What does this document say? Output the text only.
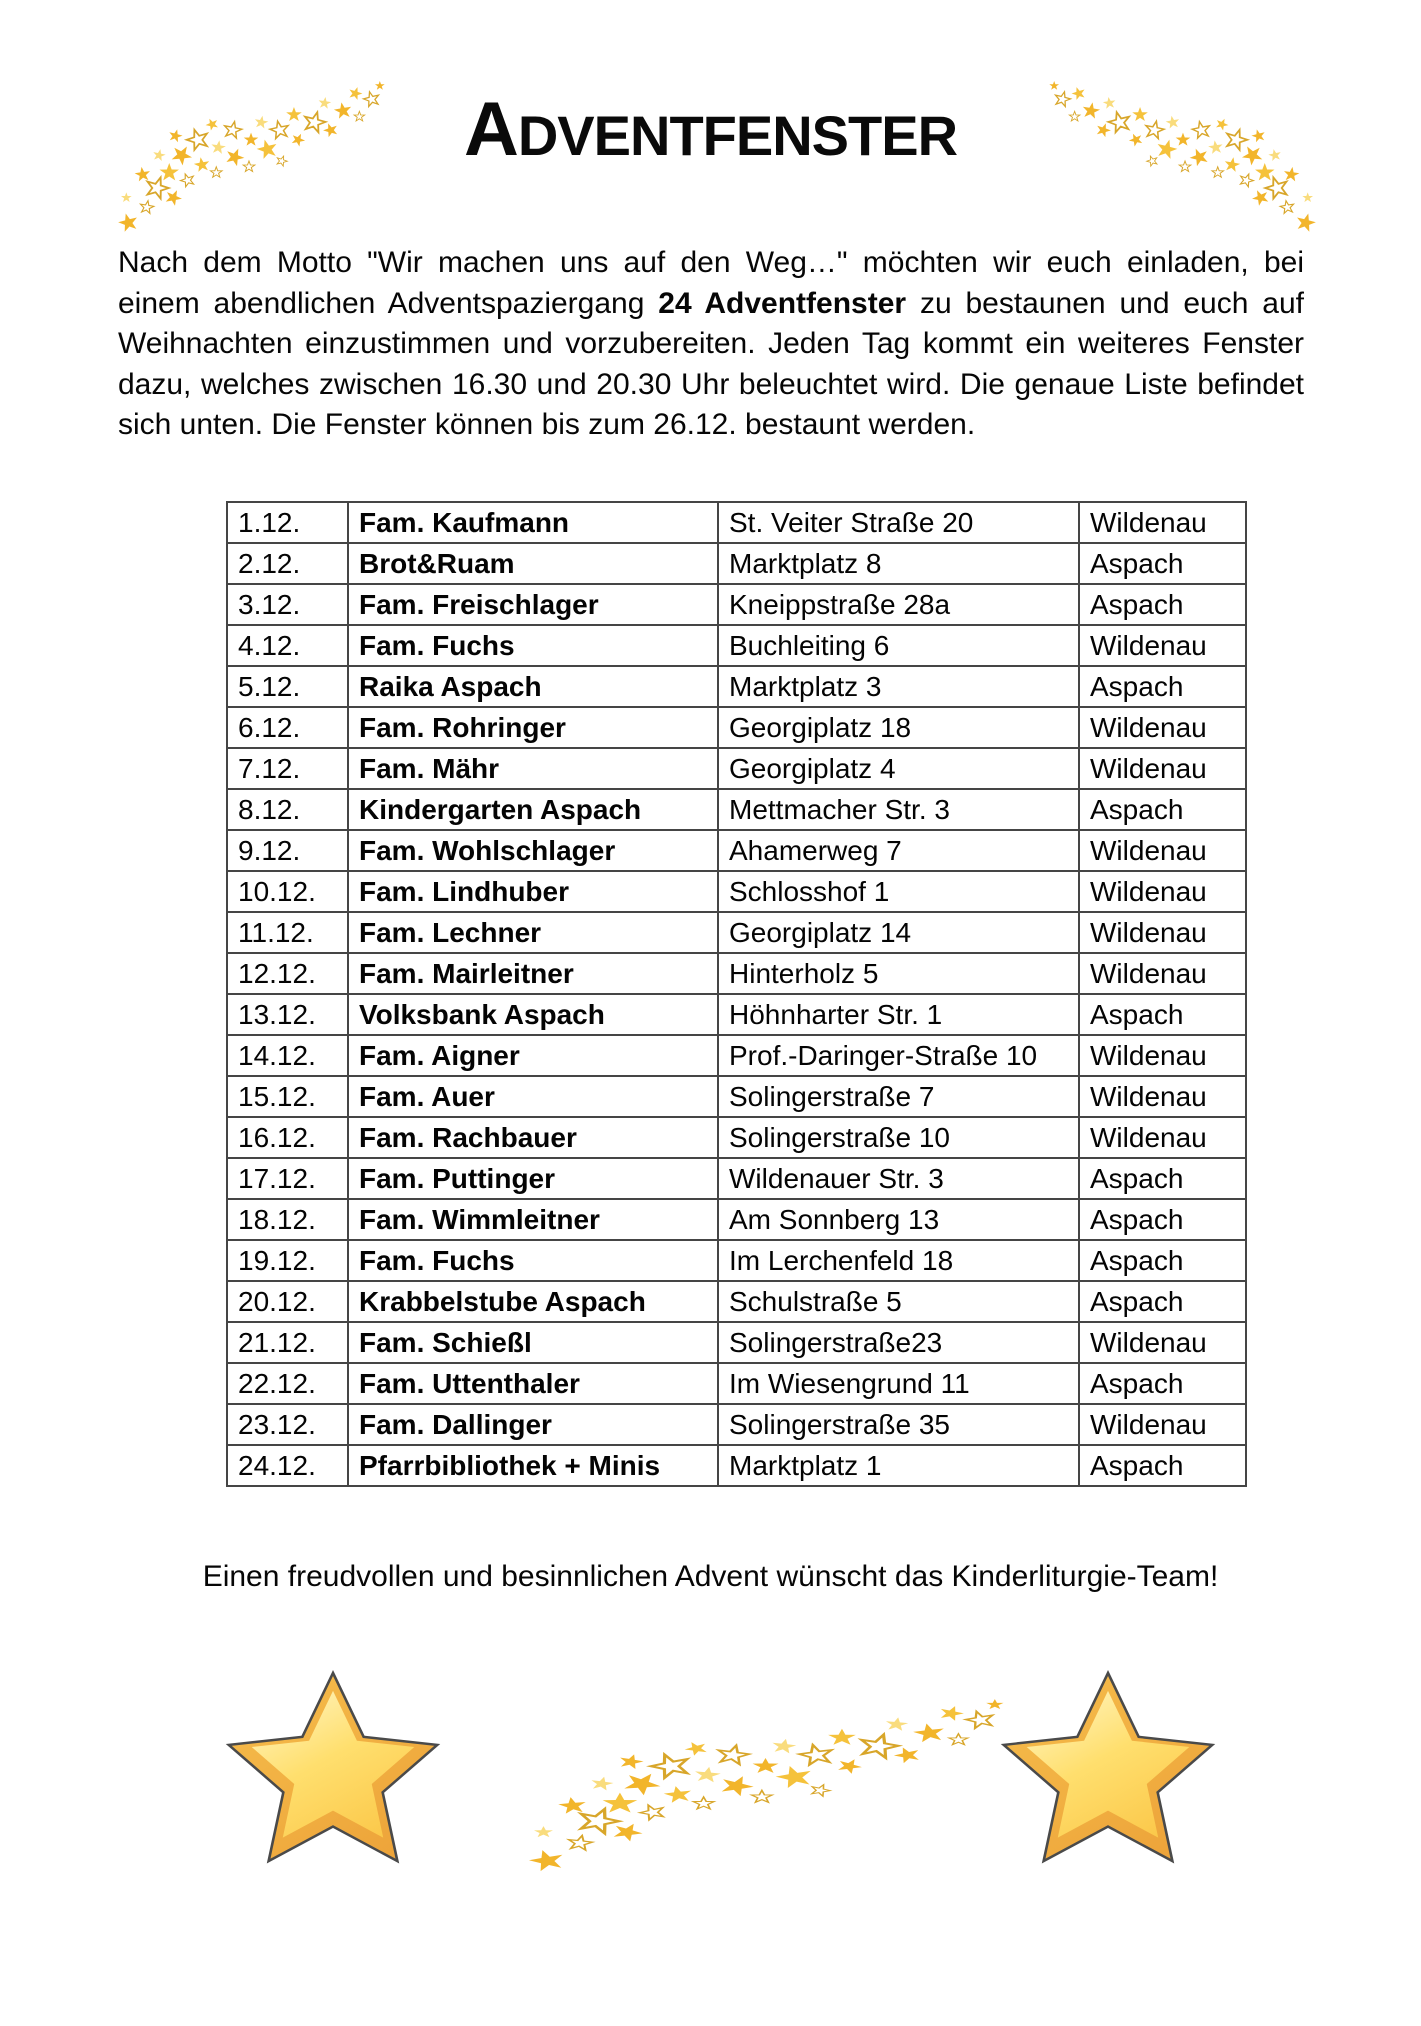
ADVENTFENSTER

Nach dem Motto "Wir machen uns auf den Weg…" möchten wir euch einladen, bei einem abendlichen Adventspaziergang 24 Adventfenster zu bestaunen und euch auf Weihnachten einzustimmen und vorzubereiten. Jeden Tag kommt ein weiteres Fenster dazu, welches zwischen 16.30 und 20.30 Uhr beleuchtet wird. Die genaue Liste befindet sich unten. Die Fenster können bis zum 26.12. bestaunt werden.

1.12.	Fam. Kaufmann	St. Veiter Straße 20	Wildenau
2.12.	Brot&Ruam	Marktplatz 8	Aspach
3.12.	Fam. Freischlager	Kneippstraße 28a	Aspach
4.12.	Fam. Fuchs	Buchleiting 6	Wildenau
5.12.	Raika Aspach	Marktplatz 3	Aspach
6.12.	Fam. Rohringer	Georgiplatz 18	Wildenau
7.12.	Fam. Mähr	Georgiplatz 4	Wildenau
8.12.	Kindergarten Aspach	Mettmacher Str. 3	Aspach
9.12.	Fam. Wohlschlager	Ahamerweg 7	Wildenau
10.12.	Fam. Lindhuber	Schlosshof 1	Wildenau
11.12.	Fam. Lechner	Georgiplatz 14	Wildenau
12.12.	Fam. Mairleitner	Hinterholz 5	Wildenau
13.12.	Volksbank Aspach	Höhnharter Str. 1	Aspach
14.12.	Fam. Aigner	Prof.-Daringer-Straße 10	Wildenau
15.12.	Fam. Auer	Solingerstraße 7	Wildenau
16.12.	Fam. Rachbauer	Solingerstraße 10	Wildenau
17.12.	Fam. Puttinger	Wildenauer Str. 3	Aspach
18.12.	Fam. Wimmleitner	Am Sonnberg 13	Aspach
19.12.	Fam. Fuchs	Im Lerchenfeld 18	Aspach
20.12.	Krabbelstube Aspach	Schulstraße 5	Aspach
21.12.	Fam. Schießl	Solingerstraße23	Wildenau
22.12.	Fam. Uttenthaler	Im Wiesengrund 11	Aspach
23.12.	Fam. Dallinger	Solingerstraße 35	Wildenau
24.12.	Pfarrbibliothek + Minis	Marktplatz 1	Aspach

Einen freudvollen und besinnlichen Advent wünscht das Kinderliturgie-Team!
